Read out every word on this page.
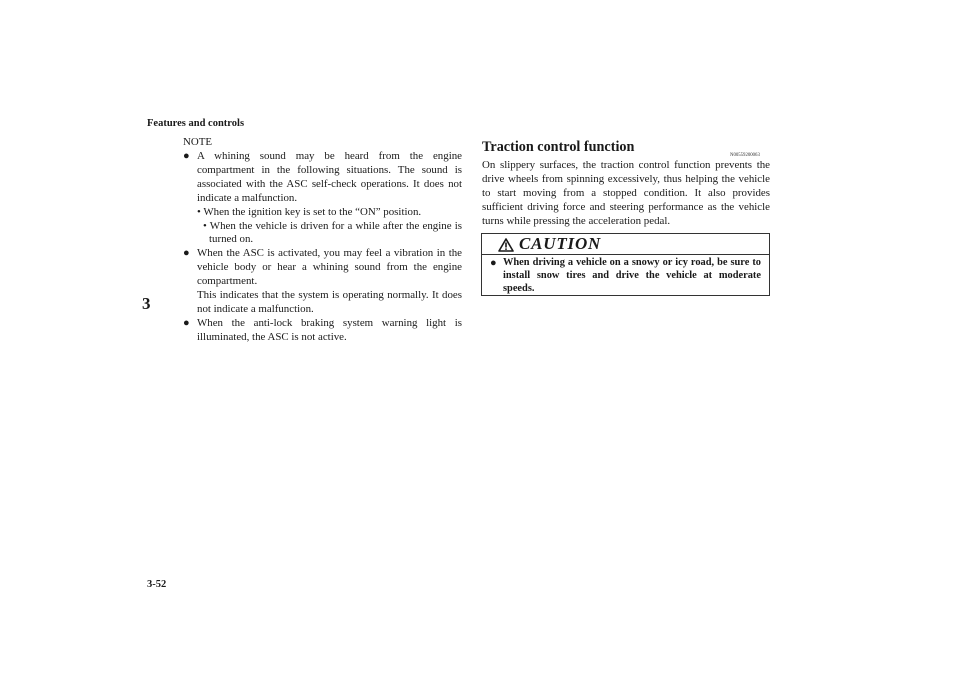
Features and controls
3
3-52
NOTE
● A whining sound may be heard from the engine compartment in the following situations. The sound is associated with the ASC self-check operations. It does not indicate a malfunction.

• When the ignition key is set to the “ON” position.
• When the vehicle is driven for a while after the engine is turned on.
● When the ASC is activated, you may feel a vibration in the vehicle body or hear a whining sound from the engine compartment.

This indicates that the system is operating normally. It does not indicate a malfunction.

● When the anti-lock braking system warning light is illuminated, the ASC is not active.

Traction control function
N00559200063

On slippery surfaces, the traction control function prevents the drive wheels from spinning excessively, thus helping the vehicle to start moving from a stopped condition. It also provides sufficient driving force and steering performance as the vehicle turns while pressing the acceleration pedal.

CAUTION
● When driving a vehicle on a snowy or icy road, be sure to install snow tires and drive the vehicle at moderate speeds.
